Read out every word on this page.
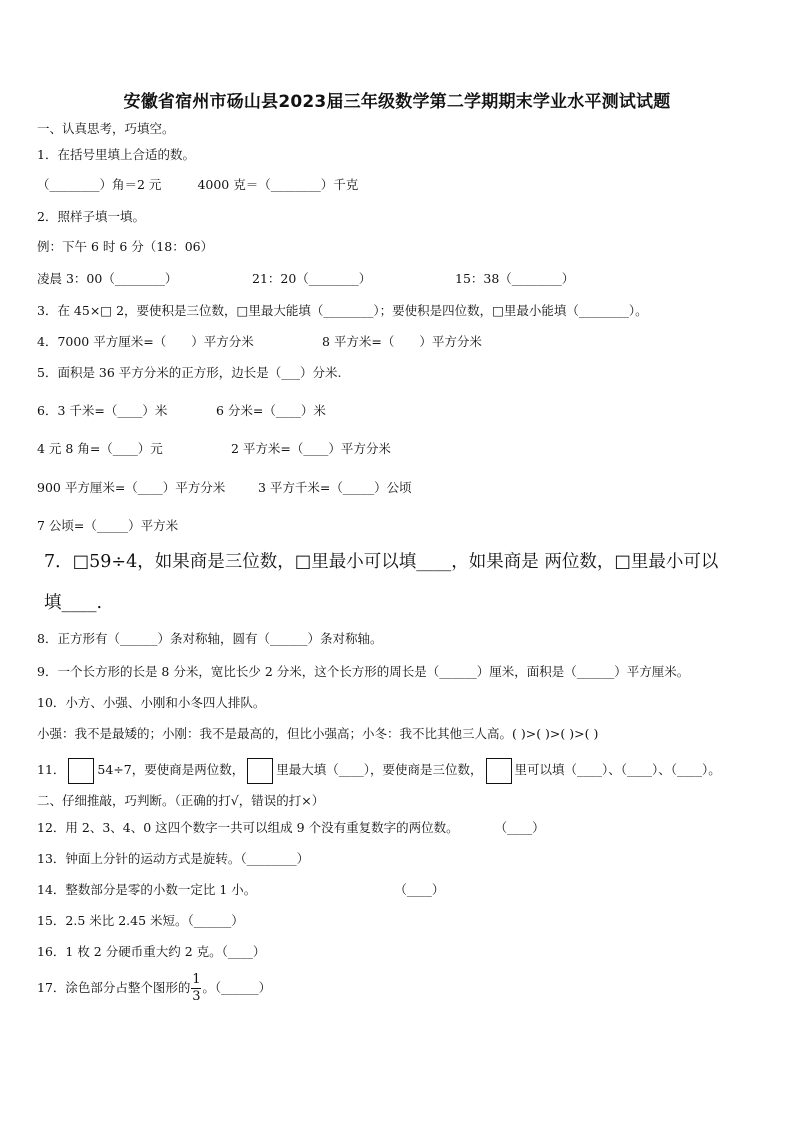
安徽省宿州市砀山县2023届三年级数学第二学期期末学业水平测试试题
一、认真思考，巧填空。
1．在括号里填上合适的数。
（________）角＝2 元	4000 克＝（________）千克
2．照样子填一填。
例：下午 6 时 6 分（18：06）
凌晨 3：00（________）	21：20（________）	15：38（________）
3．在 45×□ 2，要使积是三位数，□里最大能填（________）；要使积是四位数，□里最小能填（________）。
4．7000 平方厘米=（　　）平方分米	8 平方米=（　　）平方分米
5．面积是 36 平方分米的正方形，边长是（___）分米.
6．3 千米=（____）米	6 分米=（____）米
4 元 8 角=（____）元	2 平方米=（____）平方分米
900 平方厘米=（____）平方分米	3 平方千米=（_____）公顷
7 公顷=（_____）平方米
7．□59÷4，如果商是三位数，□里最小可以填____，如果商是 两位数，□里最小可以
填____.
8．正方形有（______）条对称轴，圆有（______）条对称轴。
9．一个长方形的长是 8 分米，宽比长少 2 分米，这个长方形的周长是（______）厘米，面积是（______）平方厘米。
10．小方、小强、小刚和小冬四人排队。
小强：我不是最矮的；小刚：我不是最高的，但比小强高；小冬：我不比其他三人高。( )>( )>( )>( )
11．	54÷7，要使商是两位数，	里最大填（____），要使商是三位数，	里可以填（____）、（____）、（____）。
二、仔细推敲，巧判断。（正确的打√，错误的打×）
12．用 2、3、4、0 这四个数字一共可以组成 9 个没有重复数字的两位数。	（____）
13．钟面上分针的运动方式是旋转。（________）
14．整数部分是零的小数一定比 1 小。	（____）
15．2.5 米比 2.45 米短。（______）
16．1 枚 2 分硬币重大约 2 克。（____）
17．涂色部分占整个图形的 $\frac{1}{3}$ 。（______）
